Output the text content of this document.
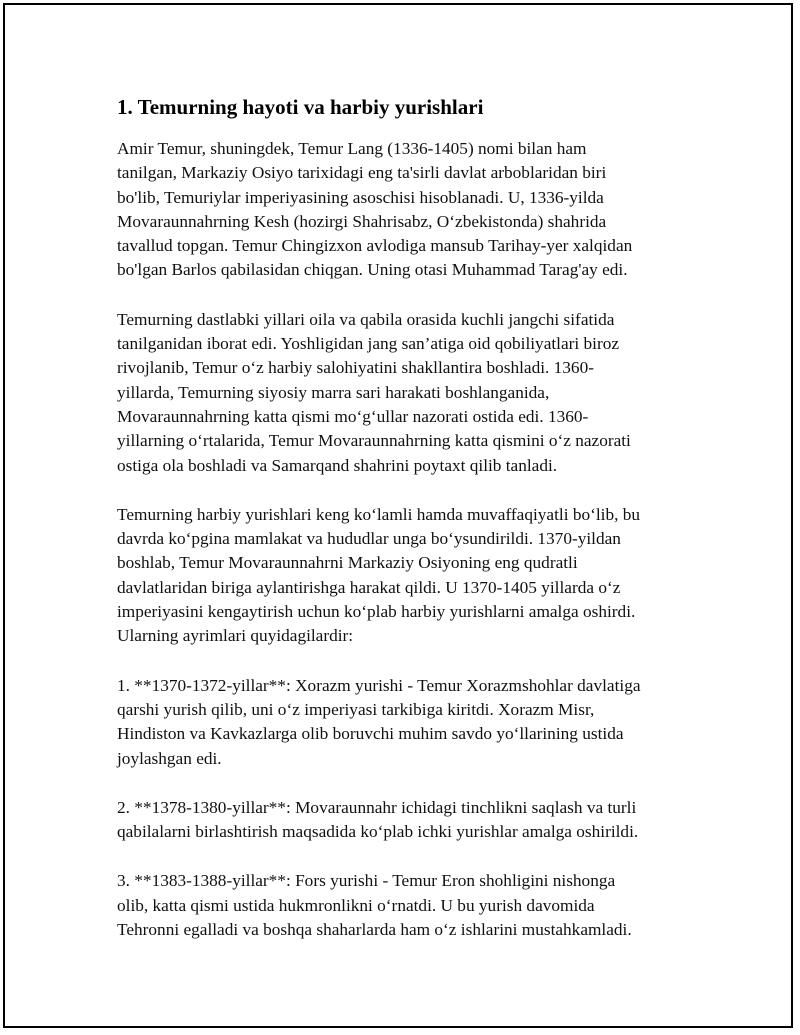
1. Temurning hayoti va harbiy yurishlari

Amir Temur, shuningdek, Temur Lang (1336-1405) nomi bilan ham
tanilgan, Markaziy Osiyo tarixidagi eng ta'sirli davlat arboblaridan biri
bo'lib, Temuriylar imperiyasining asoschisi hisoblanadi. U, 1336-yilda
Movaraunnahrning Kesh (hozirgi Shahrisabz, Oʻzbekistonda) shahrida
tavallud topgan. Temur Chingizxon avlodiga mansub Tarihay-yer xalqidan
bo'lgan Barlos qabilasidan chiqgan. Uning otasi Muhammad Tarag'ay edi.

Temurning dastlabki yillari oila va qabila orasida kuchli jangchi sifatida
tanilganidan iborat edi. Yoshligidan jang san’atiga oid qobiliyatlari biroz
rivojlanib, Temur oʻz harbiy salohiyatini shakllantira boshladi. 1360-
yillarda, Temurning siyosiy marra sari harakati boshlanganida,
Movaraunnahrning katta qismi moʻgʻullar nazorati ostida edi. 1360-
yillarning oʻrtalarida, Temur Movaraunnahrning katta qismini oʻz nazorati
ostiga ola boshladi va Samarqand shahrini poytaxt qilib tanladi.

Temurning harbiy yurishlari keng koʻlamli hamda muvaffaqiyatli boʻlib, bu
davrda koʻpgina mamlakat va hududlar unga boʻysundirildi. 1370-yildan
boshlab, Temur Movaraunnahrni Markaziy Osiyoning eng qudratli
davlatlaridan biriga aylantirishga harakat qildi. U 1370-1405 yillarda oʻz
imperiyasini kengaytirish uchun koʻplab harbiy yurishlarni amalga oshirdi.
Ularning ayrimlari quyidagilardir:

1. **1370-1372-yillar**: Xorazm yurishi - Temur Xorazmshohlar davlatiga
qarshi yurish qilib, uni oʻz imperiyasi tarkibiga kiritdi. Xorazm Misr,
Hindiston va Kavkazlarga olib boruvchi muhim savdo yoʻllarining ustida
joylashgan edi.

2. **1378-1380-yillar**: Movaraunnahr ichidagi tinchlikni saqlash va turli
qabilalarni birlashtirish maqsadida koʻplab ichki yurishlar amalga oshirildi.

3. **1383-1388-yillar**: Fors yurishi - Temur Eron shohligini nishonga
olib, katta qismi ustida hukmronlikni oʻrnatdi. U bu yurish davomida
Tehronni egalladi va boshqa shaharlarda ham oʻz ishlarini mustahkamladi.
